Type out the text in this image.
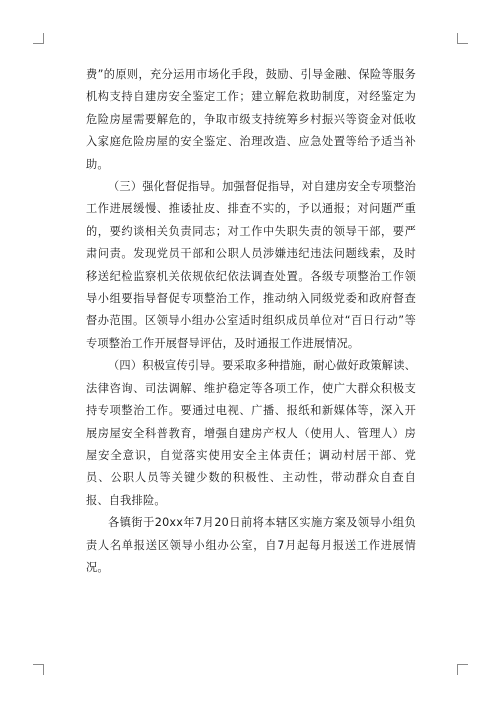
费”的原则，充分运用市场化手段，鼓励、引导金融、保险等服务机构支持自建房安全鉴定工作；建立解危救助制度，对经鉴定为危险房屋需要解危的，争取市级支持统筹乡村振兴等资金对低收入家庭危险房屋的安全鉴定、治理改造、应急处置等给予适当补助。

（三）强化督促指导。加强督促指导，对自建房安全专项整治工作进展缓慢、推诿扯皮、排查不实的，予以通报；对问题严重的，要约谈相关负责同志；对工作中失职失责的领导干部，要严肃问责。发现党员干部和公职人员涉嫌违纪违法问题线索，及时移送纪检监察机关依规依纪依法调查处置。各级专项整治工作领导小组要指导督促专项整治工作，推动纳入同级党委和政府督查督办范围。区领导小组办公室适时组织成员单位对“百日行动”等专项整治工作开展督导评估，及时通报工作进展情况。

（四）积极宣传引导。要采取多种措施，耐心做好政策解读、法律咨询、司法调解、维护稳定等各项工作，使广大群众积极支持专项整治工作。要通过电视、广播、报纸和新媒体等，深入开展房屋安全科普教育，增强自建房产权人（使用人、管理人）房屋安全意识，自觉落实使用安全主体责任；调动村居干部、党员、公职人员等关键少数的积极性、主动性，带动群众自查自报、自我排险。

各镇街于20xx年7月20日前将本辖区实施方案及领导小组负责人名单报送区领导小组办公室，自7月起每月报送工作进展情况。
